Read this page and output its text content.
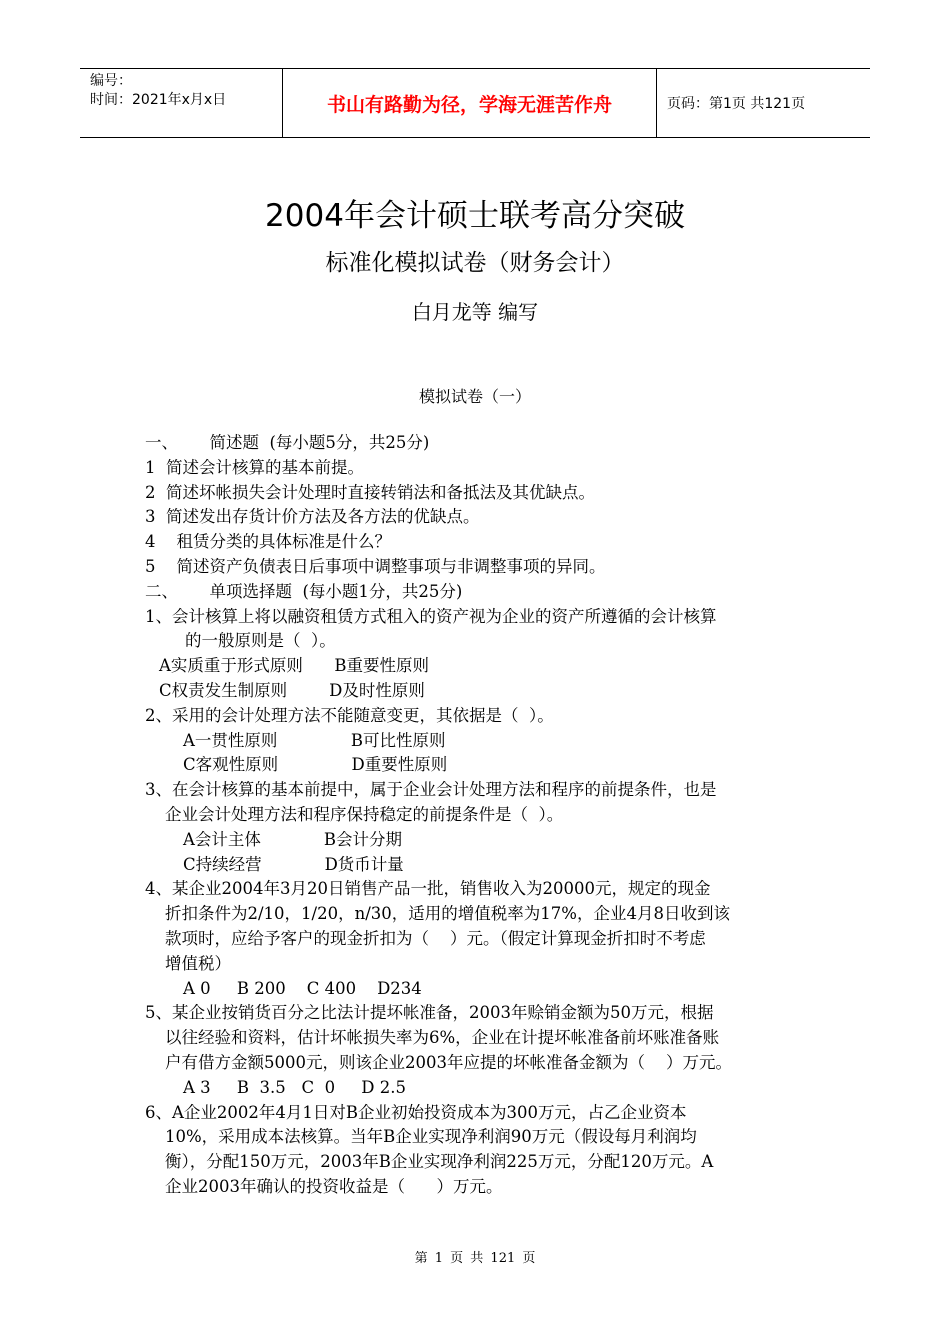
编号：
时间：2021年x月x日	书山有路勤为径，学海无涯苦作舟	页码：第1页 共121页
2004年会计硕士联考高分突破
标准化模拟试卷（财务会计）
白月龙等 编写
模拟试卷（一）
一、      简述题  (每小题5分，共25分)
1  简述会计核算的基本前提。
2  简述坏帐损失会计处理时直接转销法和备抵法及其优缺点。
3  简述发出存货计价方法及各方法的优缺点。
4    租赁分类的具体标准是什么？
5    简述资产负债表日后事项中调整事项与非调整事项的异同。
二、      单项选择题  (每小题1分，共25分)
1、会计核算上将以融资租赁方式租入的资产视为企业的资产所遵循的会计核算
的一般原则是（  ）。
A实质重于形式原则      B重要性原则
C权责发生制原则        D及时性原则
2、采用的会计处理方法不能随意变更，其依据是（  ）。
A一贯性原则              B可比性原则
C客观性原则              D重要性原则
3、在会计核算的基本前提中，属于企业会计处理方法和程序的前提条件，也是
企业会计处理方法和程序保持稳定的前提条件是（  ）。
A会计主体            B会计分期
C持续经营            D货币计量
4、某企业2004年3月20日销售产品一批，销售收入为20000元，规定的现金
折扣条件为2/10，1/20，n/30，适用的增值税率为17%，企业4月8日收到该
款项时，应给予客户的现金折扣为（    ）元。（假定计算现金折扣时不考虑
增值税）
A 0     B 200    C 400    D234
5、某企业按销货百分之比法计提坏帐准备，2003年赊销金额为50万元，根据
以往经验和资料，估计坏帐损失率为6%，企业在计提坏帐准备前坏账准备账
户有借方金额5000元，则该企业2003年应提的坏帐准备金额为（    ）万元。
A 3     B  3.5   C  0     D 2.5
6、A企业2002年4月1日对B企业初始投资成本为300万元，占乙企业资本
10%，采用成本法核算。当年B企业实现净利润90万元（假设每月利润均
衡），分配150万元，2003年B企业实现净利润225万元，分配120万元。A
企业2003年确认的投资收益是（      ）万元。
第 1 页 共 121 页
